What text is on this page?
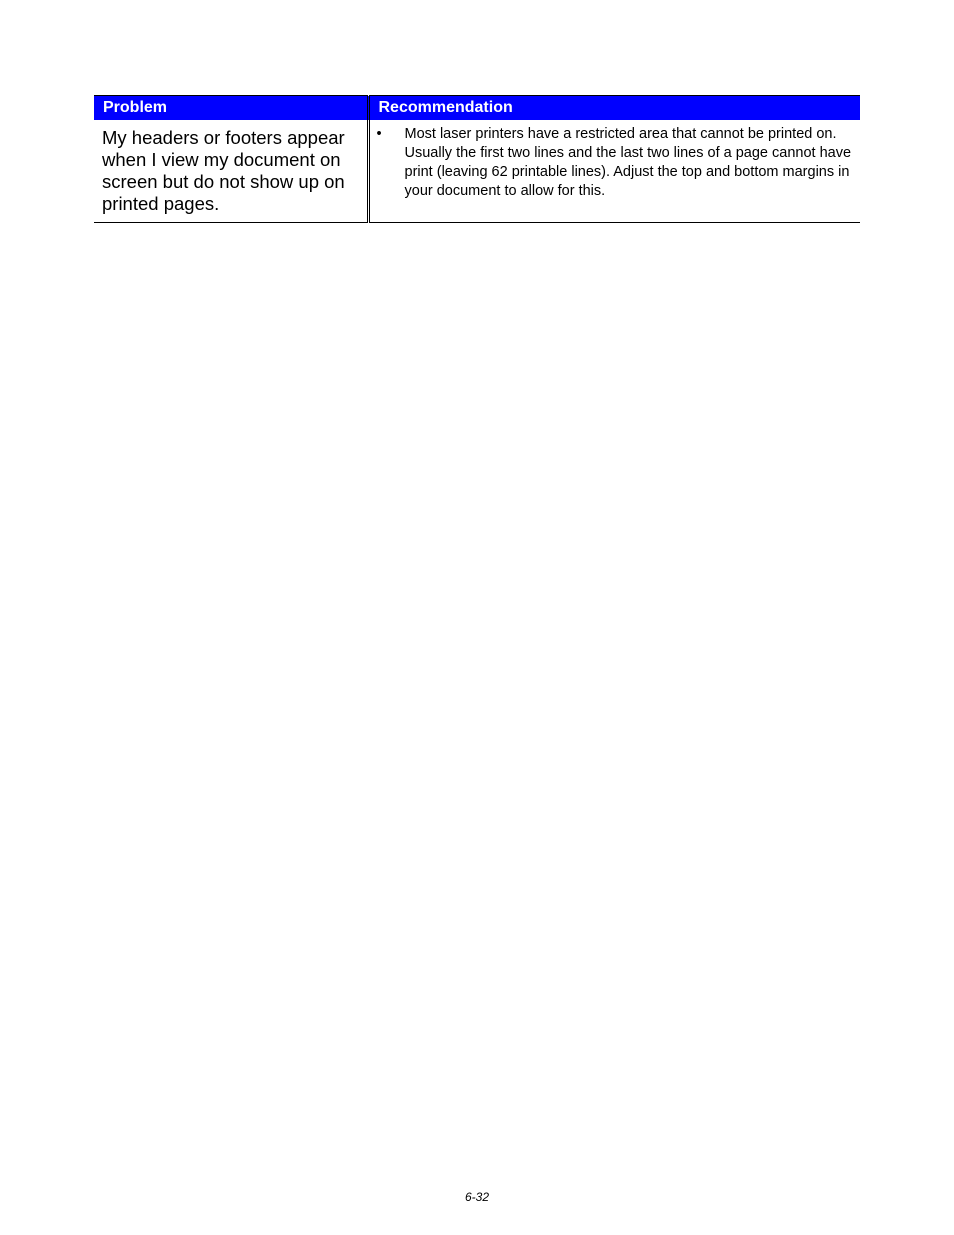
Problem	Recommendation
My headers or footers appear when I view my document on screen but do not show up on printed pages.	• Most laser printers have a restricted area that cannot be printed on. Usually the first two lines and the last two lines of a page cannot have print (leaving 62 printable lines). Adjust the top and bottom margins in your document to allow for this.
6-32
